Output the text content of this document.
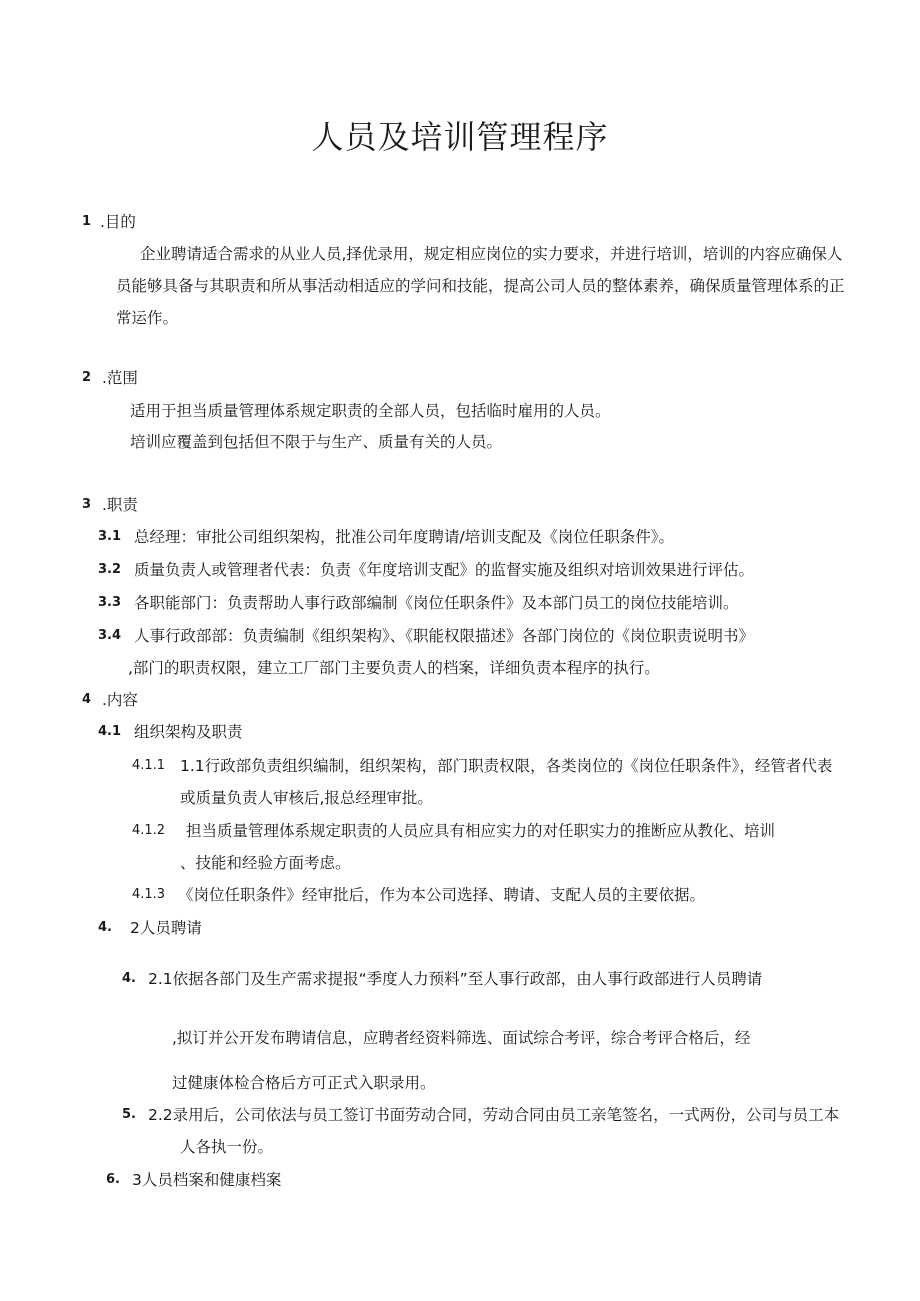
人员及培训管理程序
1 .目的
企业聘请适合需求的从业人员,择优录用，规定相应岗位的实力要求，并进行培训，培训的内容应确保人
员能够具备与其职责和所从事活动相适应的学问和技能，提高公司人员的整体素养，确保质量管理体系的正
常运作。
2 .范围
适用于担当质量管理体系规定职责的全部人员，包括临时雇用的人员。
培训应覆盖到包括但不限于与生产、质量有关的人员。
3 .职责
3.1 总经理：审批公司组织架构，批准公司年度聘请/培训支配及《岗位任职条件》。
3.2 质量负责人或管理者代表：负责《年度培训支配》的监督实施及组织对培训效果进行评估。
3.3 各职能部门：负责帮助人事行政部编制《岗位任职条件》及本部门员工的岗位技能培训。
3.4 人事行政部部：负责编制《组织架构》、《职能权限描述》各部门岗位的《岗位职责说明书》
,部门的职责权限，建立工厂部门主要负责人的档案，详细负责本程序的执行。
4 .内容
4.1 组织架构及职责
4.1.1 1.1行政部负责组织编制，组织架构，部门职责权限，各类岗位的《岗位任职条件》，经管者代表
或质量负责人审核后,报总经理审批。
4.1.2 担当质量管理体系规定职责的人员应具有相应实力的对任职实力的推断应从教化、培训
、技能和经验方面考虑。
4.1.3 《岗位任职条件》经审批后，作为本公司选择、聘请、支配人员的主要依据。
4. 2人员聘请
4. 2.1依据各部门及生产需求提报“季度人力预料”至人事行政部，由人事行政部进行人员聘请
,拟订并公开发布聘请信息，应聘者经资料筛选、面试综合考评，综合考评合格后，经
过健康体检合格后方可正式入职录用。
5. 2.2录用后，公司依法与员工签订书面劳动合同，劳动合同由员工亲笔签名，一式两份，公司与员工本
人各执一份。
6. 3人员档案和健康档案
